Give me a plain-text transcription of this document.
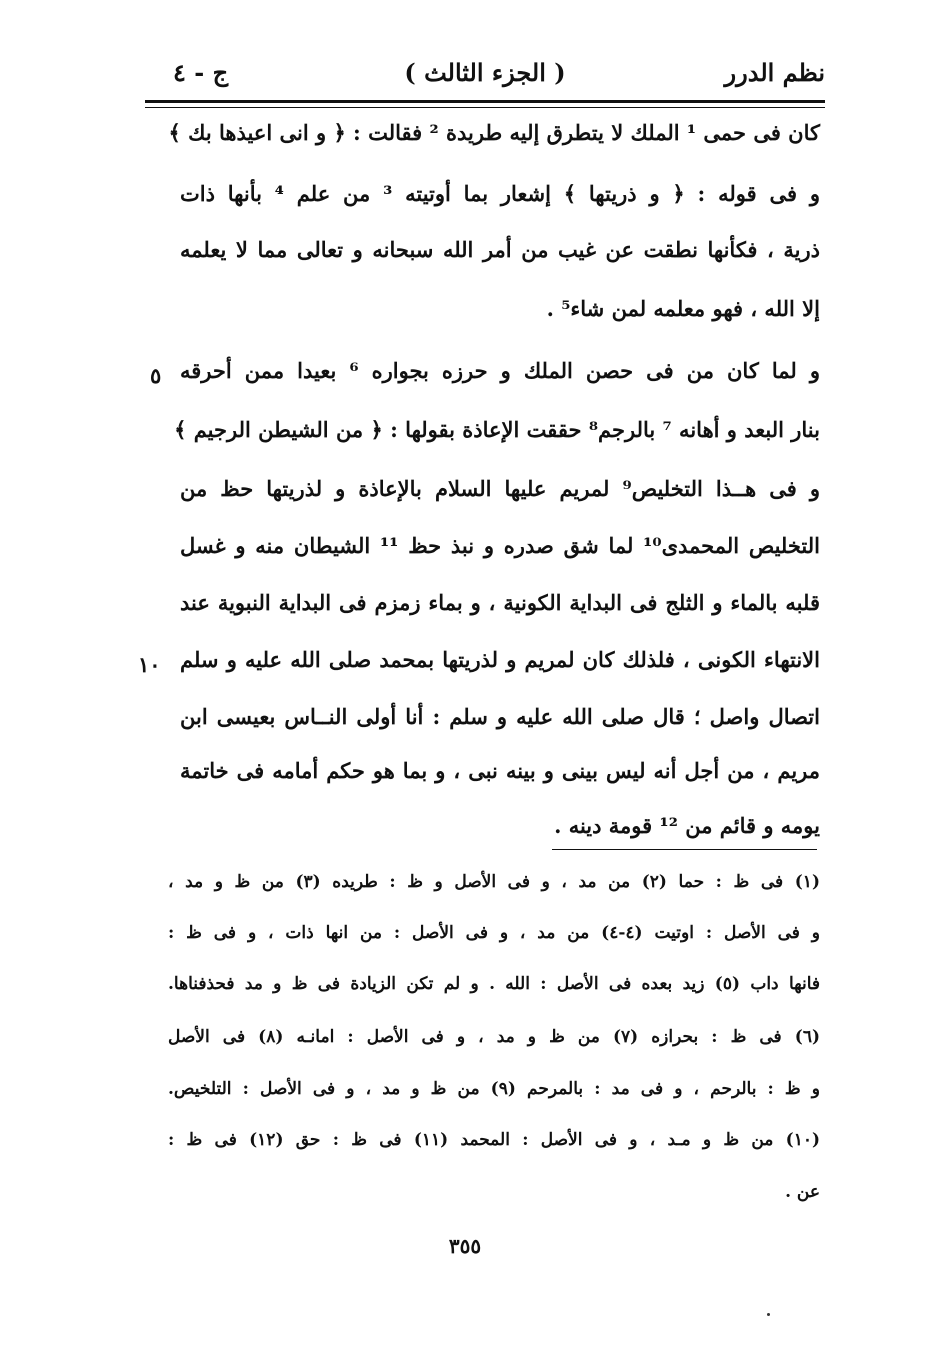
نظم الدرر
( الجزء الثالث )
ج - ٤
كان فى حمى ¹ الملك لا يتطرق إليه طريدة ² فقالت : ﴿ و انى اعيذها بك ﴾
و فى قوله : ﴿ و ذريتها ﴾ إشعار بما أوتيته ³ من علم ⁴ بأنها ذات
ذرية ، فكأنها نطقت عن غيب من أمر الله سبحانه و تعالى مما لا يعلمه
إلا الله ، فهو معلمه لمن شاء⁵ .
و لما كان من فى حصن الملك و حرزه بجواره ⁶ بعيدا ممن أحرقه
بنار البعد و أهانه ⁷ بالرجم⁸ حققت الإعاذة بقولها : ﴿ من الشيطن الرجيم ﴾
و فى هــذا التخليص⁹ لمريم عليها السلام بالإعاذة و لذريتها حظ من
التخليص المحمدى¹⁰ لما شق صدره و نبذ حظ ¹¹ الشيطان منه و غسل
قلبه بالماء و الثلج فى البداية الكونية ، و بماء زمزم فى البداية النبوية عند
الانتهاء الكونى ، فلذلك كان لمريم و لذريتها بمحمد صلى الله عليه و سلم
اتصال واصل ؛ قال صلى الله عليه و سلم : أنا أولى النــاس بعيسى ابن
مريم ، من أجل أنه ليس بينى و بينه نبى ، و بما هو حكم أمامه فى خاتمة
يومه و قائم من ¹² قومة دينه .
٥
١٠
(١) فى ظ : حما (٢) من مد ، و فى الأصل و ظ : طريده (٣) من ظ و مد ،
و فى الأصل : اوتيت (٤-٤) من مد ، و فى الأصل : من انها ذات ، و فى ظ :
فانها داب (٥) زيد بعده فى الأصل : الله . و لم تكن الزيادة فى ظ و مد فحذفناها.
(٦) فى ظ : بحرازه (٧) من ظ و مد ، و فى الأصل : امانـه (٨) فى الأصل
و ظ : بالرحم ، و فى مد : بالمرحم (٩) من ظ و مد ، و فى الأصل : التلخيص.
(١٠) من ظ و مـد ، و فى الأصل : المحمد (١١) فى ظ : حق (١٢) فى ظ :
عن .
٣٥٥
